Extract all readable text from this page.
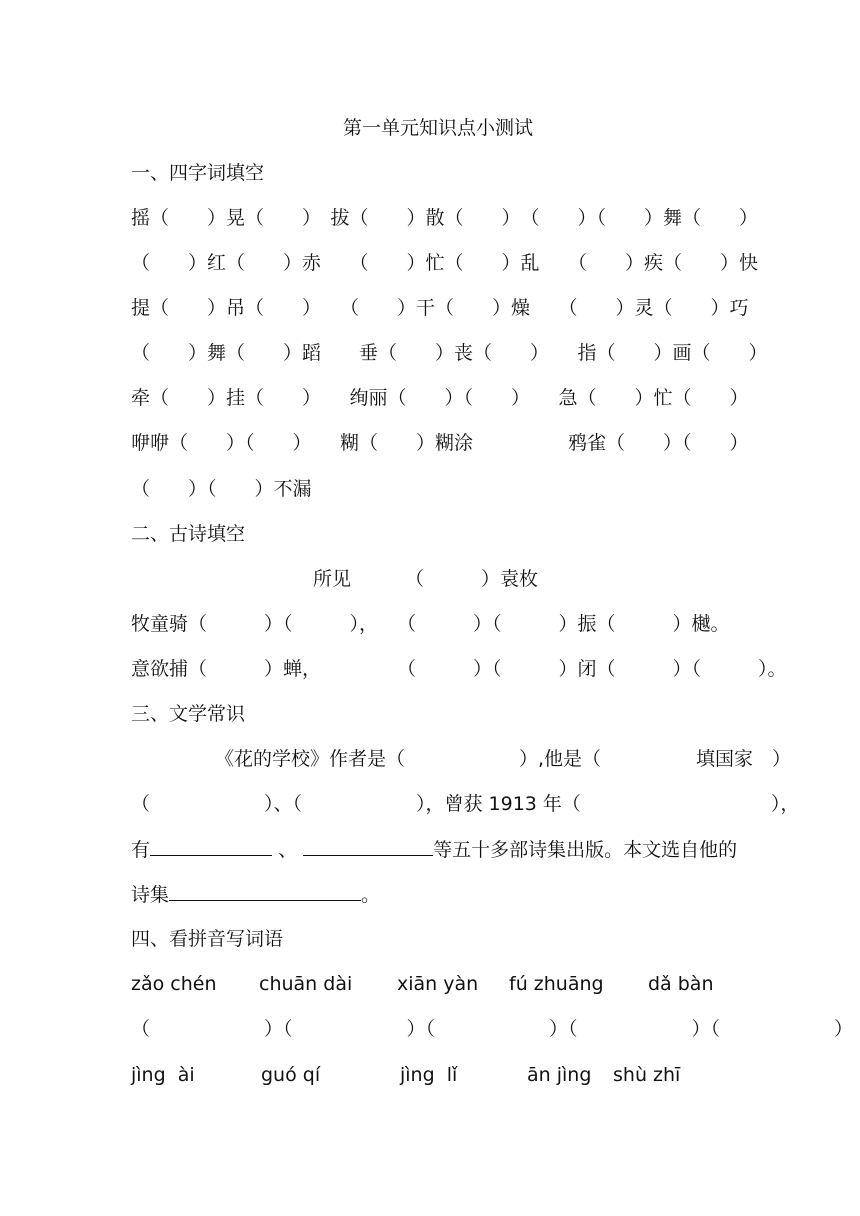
第一单元知识点小测试
一、四字词填空
摇（　　）晃（　　）　拔（　　）散（　　）　（　　）（　　）舞（　　）
（　　）红（　　）赤　　（　　）忙（　　）乱　　（　　）疾（　　）快
提（　　）吊（　　）　　（　　）干（　　）燥　　（　　）灵（　　）巧
（　　）舞（　　）蹈　　垂（　　）丧（　　）　　指（　　）画（　　）
牵（　　）挂（　　）　　绚丽（　　）（　　）　　急（　　）忙（　　）
咿咿（　　）（　　）　　糊（　　）糊涂　　　　　鸦雀（　　）（　　）
（　　）（　　）不漏
二、古诗填空
所见	（　　　）袁枚
牧童骑（　　　）（　　　），　　（　　　）（　　　）振（　　　）樾。
意欲捕（　　　）蝉，　　　　　（　　　）（　　　）闭（　　　）（　　　）。
三、文学常识
《花的学校》作者是（　　　　　　）,他是（　　　　　填国家　）
（　　　　　　）、（　　　　　　），曾获 1913 年（　　　　　　　　　　），
有	、	等五十多部诗集出版。本文选自他的
诗集	。
四、看拼音写词语
zǎo chén chuān dài xiān yàn fú zhuāng dǎ bàn
（　　　　　　）（　　　　　　）（　　　　　　）（　　　　　　）（　　　　　　）
jìng  ài	guó qí	jìng  lǐ	ān jìng shù zhī
